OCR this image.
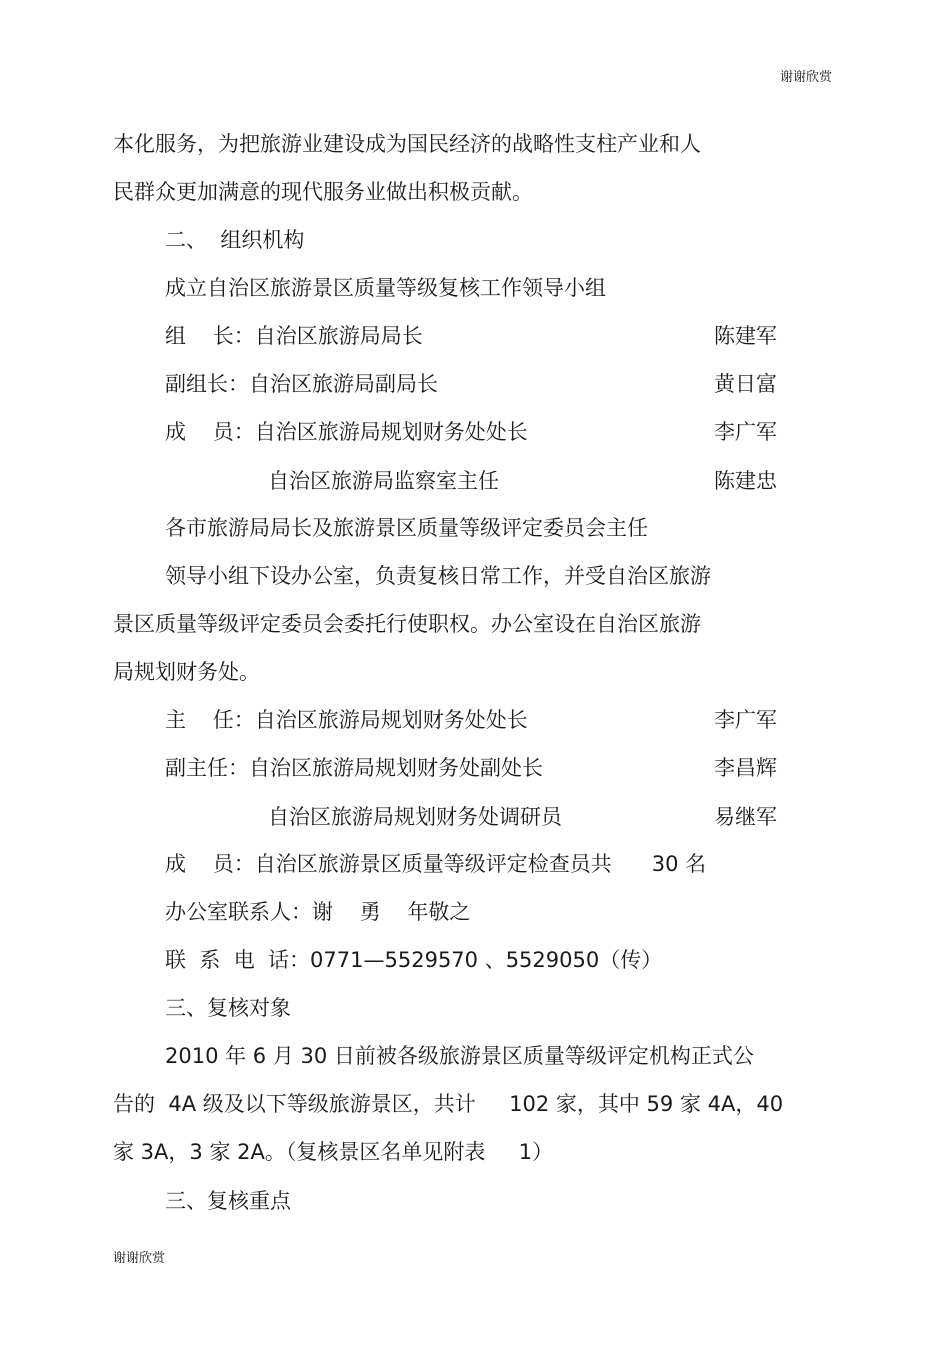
谢谢欣赏
本化服务，为把旅游业建设成为国民经济的战略性支柱产业和人
民群众更加满意的现代服务业做出积极贡献。
二、  组织机构
成立自治区旅游景区质量等级复核工作领导小组
组    长：自治区旅游局局长	陈建军
副组长：自治区旅游局副局长	黄日富
成    员：自治区旅游局规划财务处处长	李广军
自治区旅游局监察室主任	陈建忠
各市旅游局局长及旅游景区质量等级评定委员会主任
领导小组下设办公室，负责复核日常工作，并受自治区旅游
景区质量等级评定委员会委托行使职权。办公室设在自治区旅游
局规划财务处。
主    任：自治区旅游局规划财务处处长	李广军
副主任：自治区旅游局规划财务处副处长	李昌辉
自治区旅游局规划财务处调研员	易继军
成    员：自治区旅游景区质量等级评定检查员共      30 名
办公室联系人：谢    勇    年敬之
联  系  电  话：0771—5529570 、5529050（传）
三、复核对象
2010 年 6 月 30 日前被各级旅游景区质量等级评定机构正式公
告的  4A 级及以下等级旅游景区，共计     102 家，其中 59 家 4A，40
家 3A，3 家 2A。（复核景区名单见附表     1）
三、复核重点
谢谢欣赏
